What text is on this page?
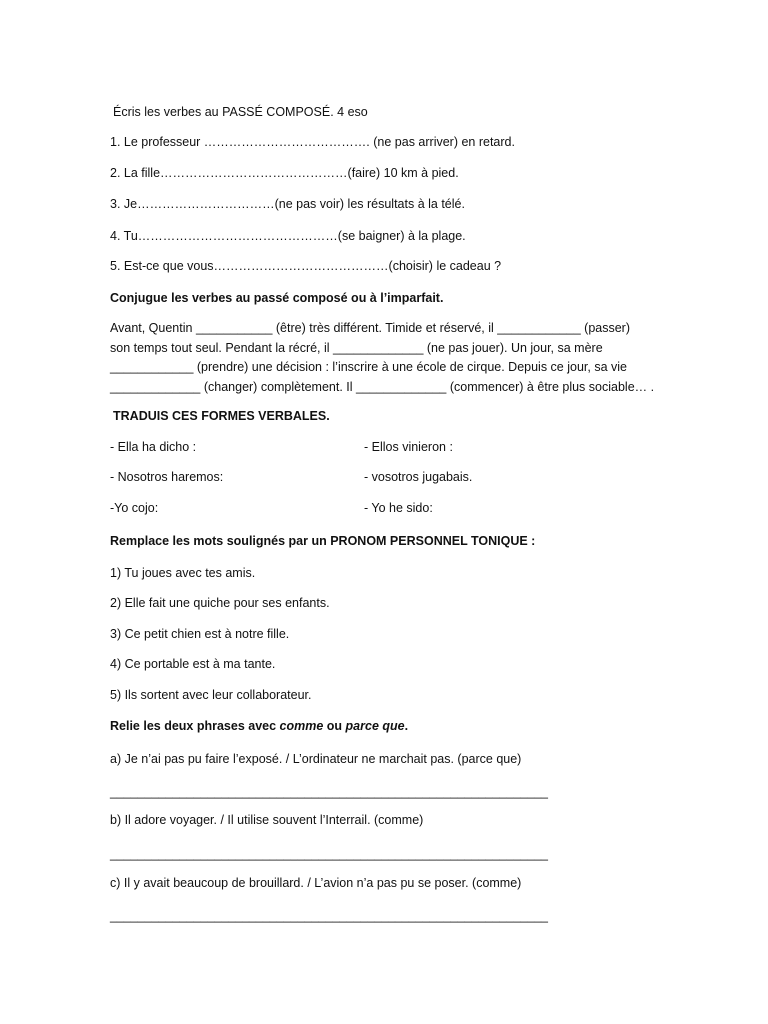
Écris les verbes au PASSÉ COMPOSÉ. 4 eso
1. Le professeur …………………………………. (ne pas arriver) en retard.
2. La fille………………………………………(faire) 10 km à pied.
3. Je……………………………(ne pas voir) les résultats à la télé.
4. Tu…………………………………………(se baigner) à la plage.
5. Est-ce que vous……………………………………(choisir) le cadeau ?
Conjugue les verbes au passé composé ou à l’imparfait.
Avant, Quentin ___________ (être) très différent. Timide et réservé, il ____________ (passer)
son temps tout seul. Pendant la récré, il _____________ (ne pas jouer). Un jour, sa mère
____________ (prendre) une décision : l’inscrire à une école de cirque. Depuis ce jour, sa vie
_____________ (changer) complètement. Il _____________ (commencer) à être plus sociable… .
TRADUIS CES FORMES VERBALES.
- Ella ha dicho :	- Ellos vinieron :
- Nosotros haremos:	- vosotros jugabais.
-Yo cojo:	- Yo he sido:
Remplace les mots soulignés par un PRONOM PERSONNEL TONIQUE :
1) Tu joues avec tes amis.
2) Elle fait une quiche pour ses enfants.
3) Ce petit chien est à notre fille.
4) Ce portable est à ma tante.
5) Ils sortent avec leur collaborateur.
Relie les deux phrases avec comme ou parce que.
a) Je n’ai pas pu faire l’exposé. / L’ordinateur ne marchait pas. (parce que)
_______________________________________________________________
b) Il adore voyager. / Il utilise souvent l’Interrail. (comme)
_______________________________________________________________
c) Il y avait beaucoup de brouillard. / L’avion n’a pas pu se poser. (comme)
_______________________________________________________________
